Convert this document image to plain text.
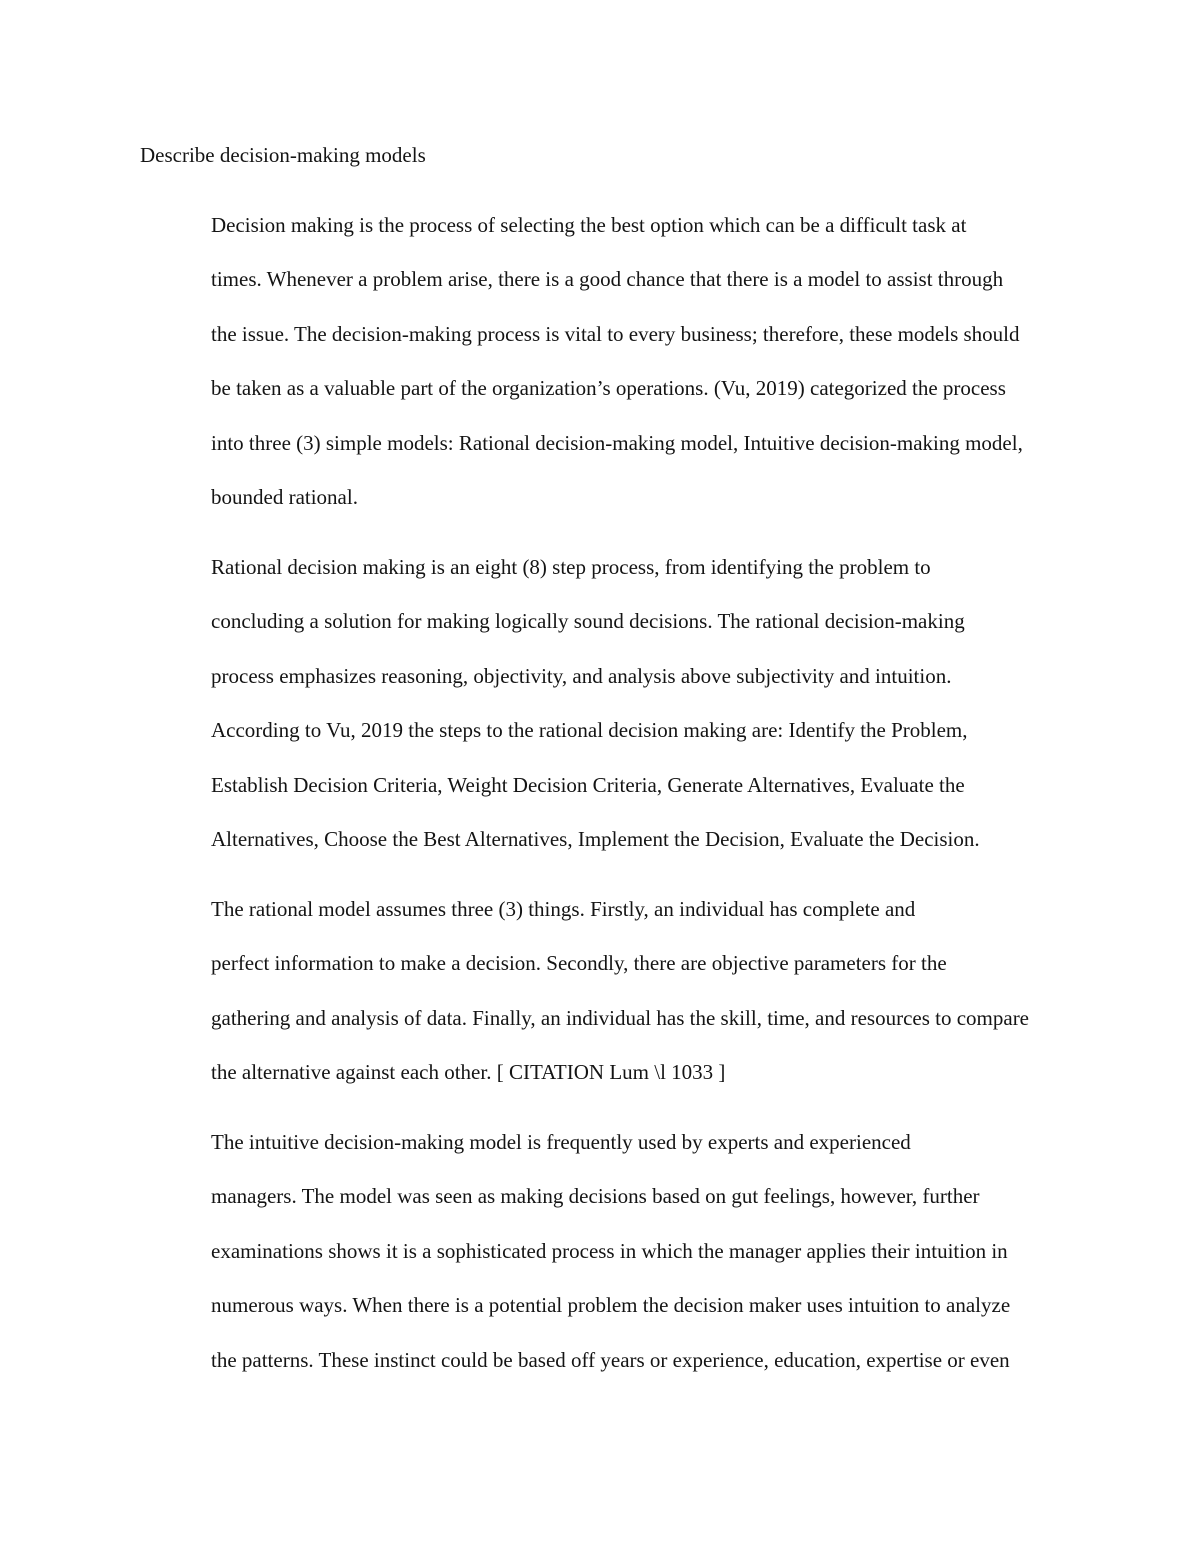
Describe decision-making models

Decision making is the process of selecting the best option which can be a difficult task at
times. Whenever a problem arise, there is a good chance that there is a model to assist through
the issue. The decision-making process is vital to every business; therefore, these models should
be taken as a valuable part of the organization’s operations. (Vu, 2019) categorized the process
into three (3) simple models: Rational decision-making model, Intuitive decision-making model,
bounded rational.

Rational decision making is an eight (8) step process, from identifying the problem to
concluding a solution for making logically sound decisions. The rational decision-making
process emphasizes reasoning, objectivity, and analysis above subjectivity and intuition.
According to Vu, 2019 the steps to the rational decision making are: Identify the Problem,
Establish Decision Criteria, Weight Decision Criteria, Generate Alternatives, Evaluate the
Alternatives, Choose the Best Alternatives, Implement the Decision, Evaluate the Decision.

The rational model assumes three (3) things. Firstly, an individual has complete and
perfect information to make a decision. Secondly, there are objective parameters for the
gathering and analysis of data. Finally, an individual has the skill, time, and resources to compare
the alternative against each other. [ CITATION Lum \l 1033 ]

The intuitive decision-making model is frequently used by experts and experienced
managers. The model was seen as making decisions based on gut feelings, however, further
examinations shows it is a sophisticated process in which the manager applies their intuition in
numerous ways. When there is a potential problem the decision maker uses intuition to analyze
the patterns. These instinct could be based off years or experience, education, expertise or even
